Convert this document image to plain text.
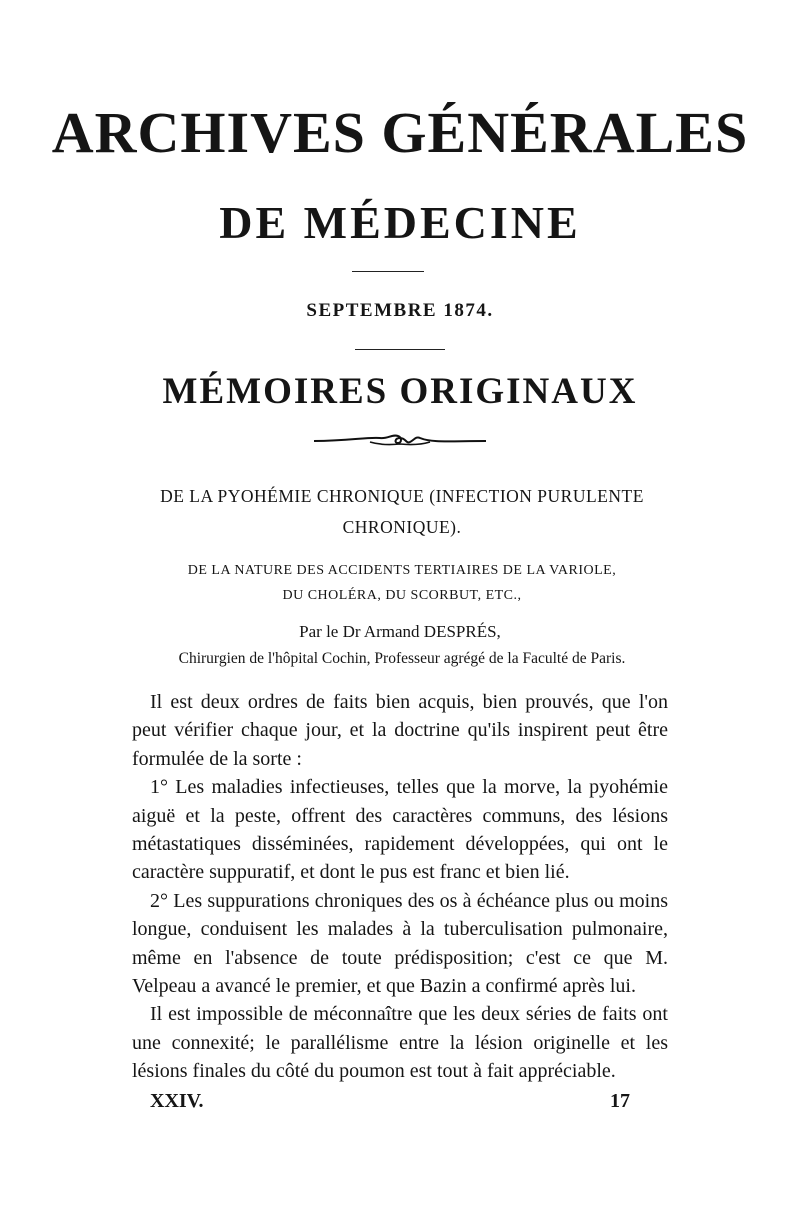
ARCHIVES GÉNÉRALES
DE MÉDECINE
SEPTEMBRE 1874.
MÉMOIRES ORIGINAUX
DE LA PYOHÉMIE CHRONIQUE (INFECTION PURULENTE CHRONIQUE).
DE LA NATURE DES ACCIDENTS TERTIAIRES DE LA VARIOLE,
DU CHOLÉRA, DU SCORBUT, ETC.,
Par le Dr Armand DESPRÉS,
Chirurgien de l'hôpital Cochin, Professeur agrégé de la Faculté de Paris.

Il est deux ordres de faits bien acquis, bien prouvés, que l'on peut vérifier chaque jour, et la doctrine qu'ils inspirent peut être formulée de la sorte :

1° Les maladies infectieuses, telles que la morve, la pyohémie aiguë et la peste, offrent des caractères communs, des lésions métastatiques disséminées, rapidement développées, qui ont le caractère suppuratif, et dont le pus est franc et bien lié.

2° Les suppurations chroniques des os à échéance plus ou moins longue, conduisent les malades à la tuberculisation pulmonaire, même en l'absence de toute prédisposition; c'est ce que M. Velpeau a avancé le premier, et que Bazin a confirmé après lui.

Il est impossible de méconnaître que les deux séries de faits ont une connexité; le parallélisme entre la lésion originelle et les lésions finales du côté du poumon est tout à fait appréciable.

XXIV.	17
